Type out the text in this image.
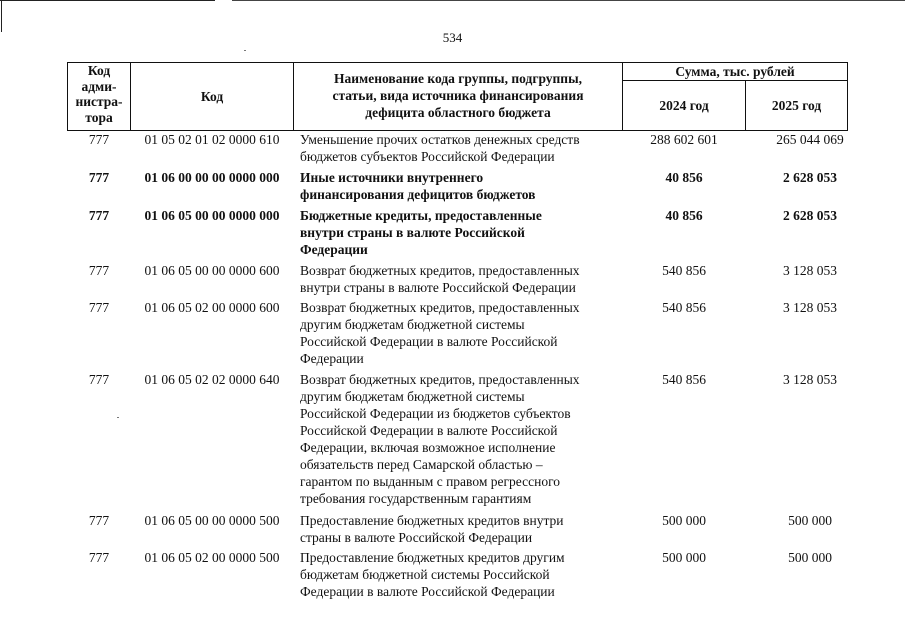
534
Код
адми-
нистра-
тора
Код
Наименование кода группы, подгруппы,
статьи, вида источника финансирования
дефицита областного бюджета
Сумма, тыс. рублей
2024 год	2025 год
777	01 05 02 01 02 0000 610	Уменьшение прочих остатков денежных средств
бюджетов субъектов Российской Федерации
288 602 601	265 044 069
777	01 06 00 00 00 0000 000	Иные источники внутреннего
финансирования дефицитов бюджетов
40 856	2 628 053
777	01 06 05 00 00 0000 000	Бюджетные кредиты, предоставленные
внутри страны в валюте Российской
Федерации
40 856	2 628 053
777	01 06 05 00 00 0000 600	Возврат бюджетных кредитов, предоставленных
внутри страны в валюте Российской Федерации
540 856	3 128 053
777	01 06 05 02 00 0000 600	Возврат бюджетных кредитов, предоставленных
другим бюджетам бюджетной системы
Российской Федерации в валюте Российской
Федерации
540 856	3 128 053
777	01 06 05 02 02 0000 640	Возврат бюджетных кредитов, предоставленных
другим бюджетам бюджетной системы
Российской Федерации из бюджетов субъектов
Российской Федерации в валюте Российской
Федерации, включая возможное исполнение
обязательств перед Самарской областью –
гарантом по выданным с правом регрессного
требования государственным гарантиям
540 856	3 128 053
777	01 06 05 00 00 0000 500	Предоставление бюджетных кредитов внутри
страны в валюте Российской Федерации
500 000	500 000
777	01 06 05 02 00 0000 500	Предоставление бюджетных кредитов другим
бюджетам бюджетной системы Российской
Федерации в валюте Российской Федерации
500 000	500 000
